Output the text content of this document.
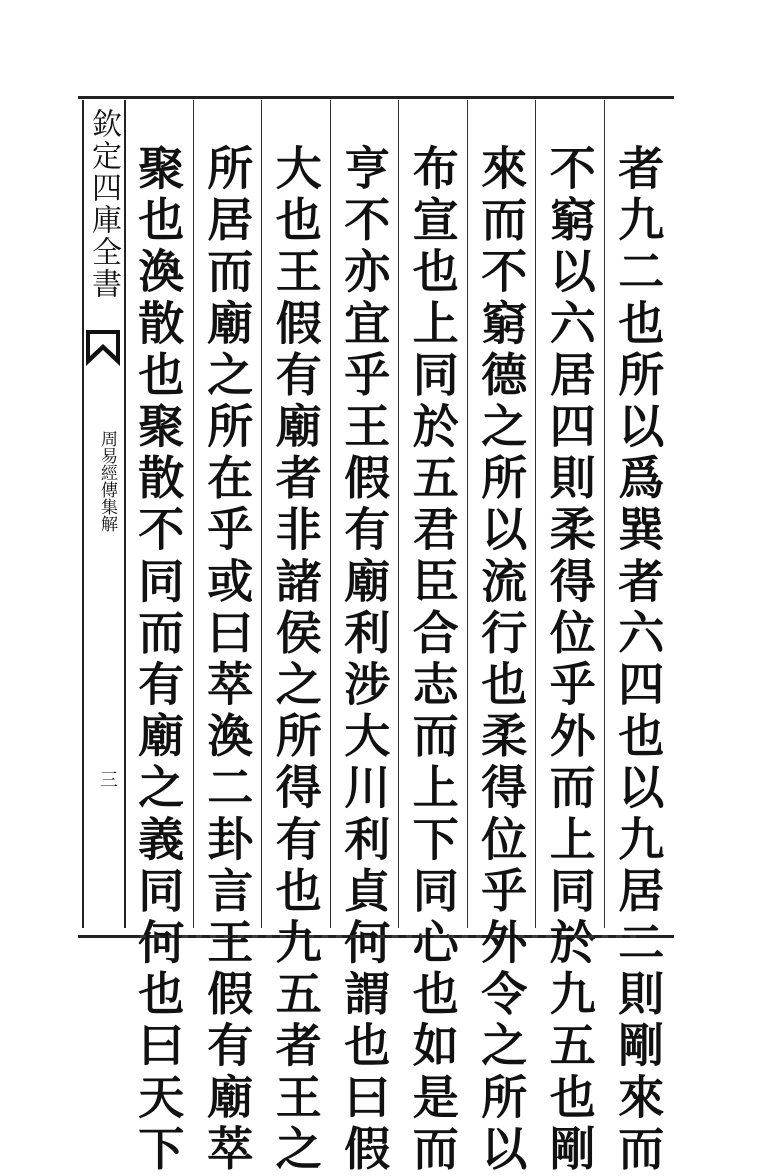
欽定四庫全書
周易經傳集解
三	者九二也所以爲巽者六四也以九居二則剛來而
不窮以六居四則柔得位乎外而上同於九五也剛
來而不窮德之所以流行也柔得位乎外令之所以
布宣也上同於五君臣合志而上下同心也如是而
亨不亦宜乎王假有廟利涉大川利貞何謂也曰假
大也王假有廟者非諸侯之所得有也九五者王之
所居而廟之所在乎或曰萃渙二卦言王假有廟萃
聚也渙散也聚散不同而有廟之義同何也曰天下
